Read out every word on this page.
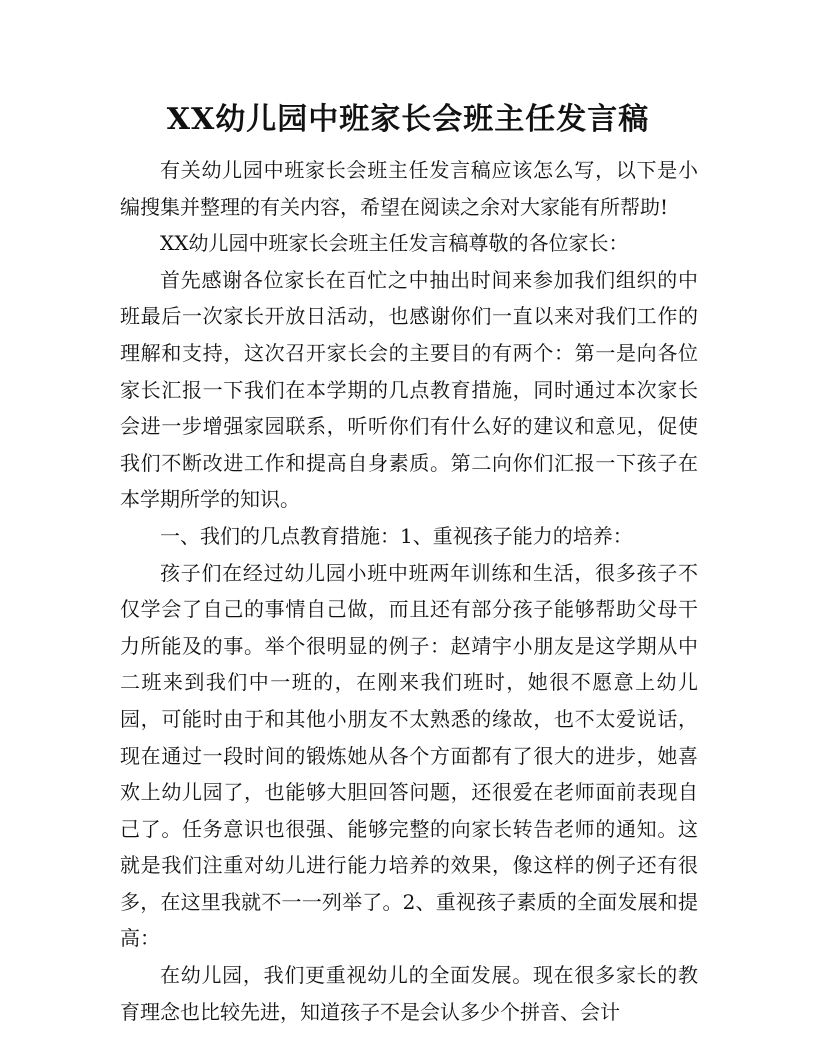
XX幼儿园中班家长会班主任发言稿

有关幼儿园中班家长会班主任发言稿应该怎么写，以下是小编搜集并整理的有关内容，希望在阅读之余对大家能有所帮助!

XX幼儿园中班家长会班主任发言稿尊敬的各位家长：

首先感谢各位家长在百忙之中抽出时间来参加我们组织的中班最后一次家长开放日活动，也感谢你们一直以来对我们工作的理解和支持，这次召开家长会的主要目的有两个：第一是向各位家长汇报一下我们在本学期的几点教育措施，同时通过本次家长会进一步增强家园联系，听听你们有什么好的建议和意见，促使我们不断改进工作和提高自身素质。第二向你们汇报一下孩子在本学期所学的知识。

一、我们的几点教育措施：1、重视孩子能力的培养：

孩子们在经过幼儿园小班中班两年训练和生活，很多孩子不仅学会了自己的事情自己做，而且还有部分孩子能够帮助父母干力所能及的事。举个很明显的例子：赵靖宇小朋友是这学期从中二班来到我们中一班的，在刚来我们班时，她很不愿意上幼儿园，可能时由于和其他小朋友不太熟悉的缘故，也不太爱说话，现在通过一段时间的锻炼她从各个方面都有了很大的进步，她喜欢上幼儿园了，也能够大胆回答问题，还很爱在老师面前表现自己了。任务意识也很强、能够完整的向家长转告老师的通知。这就是我们注重对幼儿进行能力培养的效果，像这样的例子还有很多，在这里我就不一一列举了。2、重视孩子素质的全面发展和提高：

在幼儿园，我们更重视幼儿的全面发展。现在很多家长的教育理念也比较先进，知道孩子不是会认多少个拼音、会计
